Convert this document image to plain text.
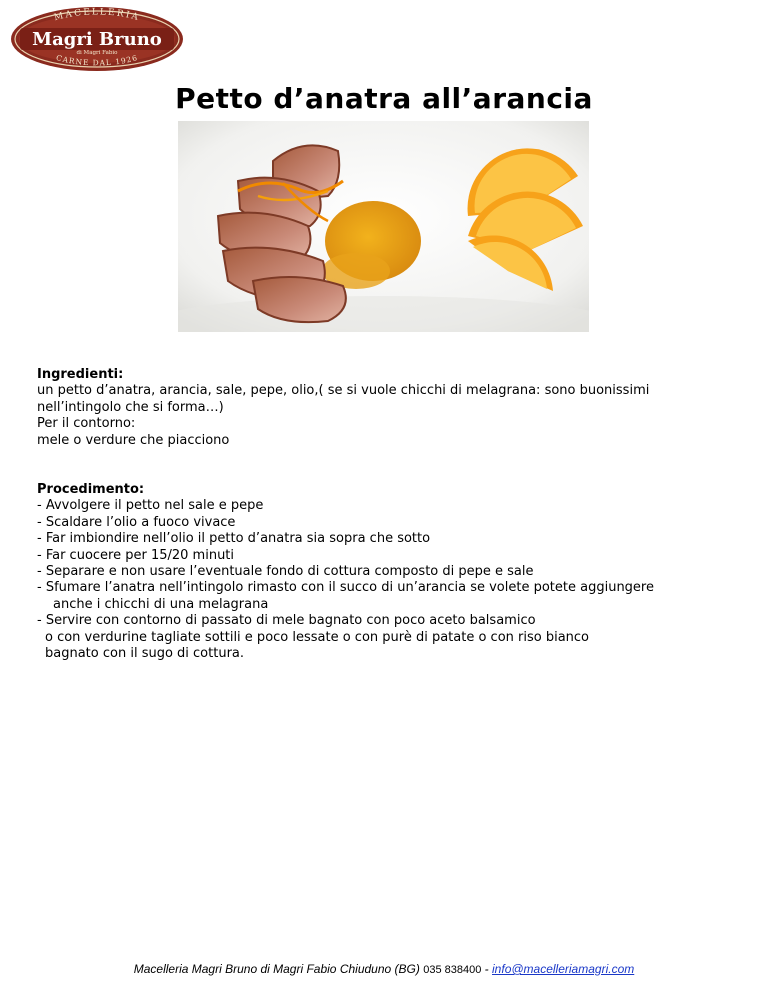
MACELLERIA
Magri Bruno
di Magri Fabio
CARNE DAL 1926
Petto d’anatra all’arancia

Ingredienti:

un petto d’anatra, arancia, sale, pepe, olio,( se si vuole chicchi di melagrana: sono buonissimi

nell’intingolo che si forma…)

Per il contorno:

mele o verdure che piacciono

Procedimento:

- Avvolgere il petto nel sale e pepe

- Scaldare l’olio a fuoco vivace

- Far imbiondire nell’olio il petto d’anatra sia sopra che sotto

- Far cuocere per 15/20 minuti

- Separare e non usare l’eventuale fondo di cottura composto di pepe e sale

- Sfumare l’anatra nell’intingolo rimasto con il succo di un’arancia se volete potete aggiungere

anche i chicchi di una melagrana

- Servire con contorno di passato di mele bagnato con poco aceto balsamico

o con verdurine tagliate sottili e poco lessate o con purè di patate o con riso bianco

bagnato con il sugo di cottura.

Macelleria Magri Bruno di Magri Fabio Chiuduno (BG) 035 838400 - info@macelleriamagri.com
